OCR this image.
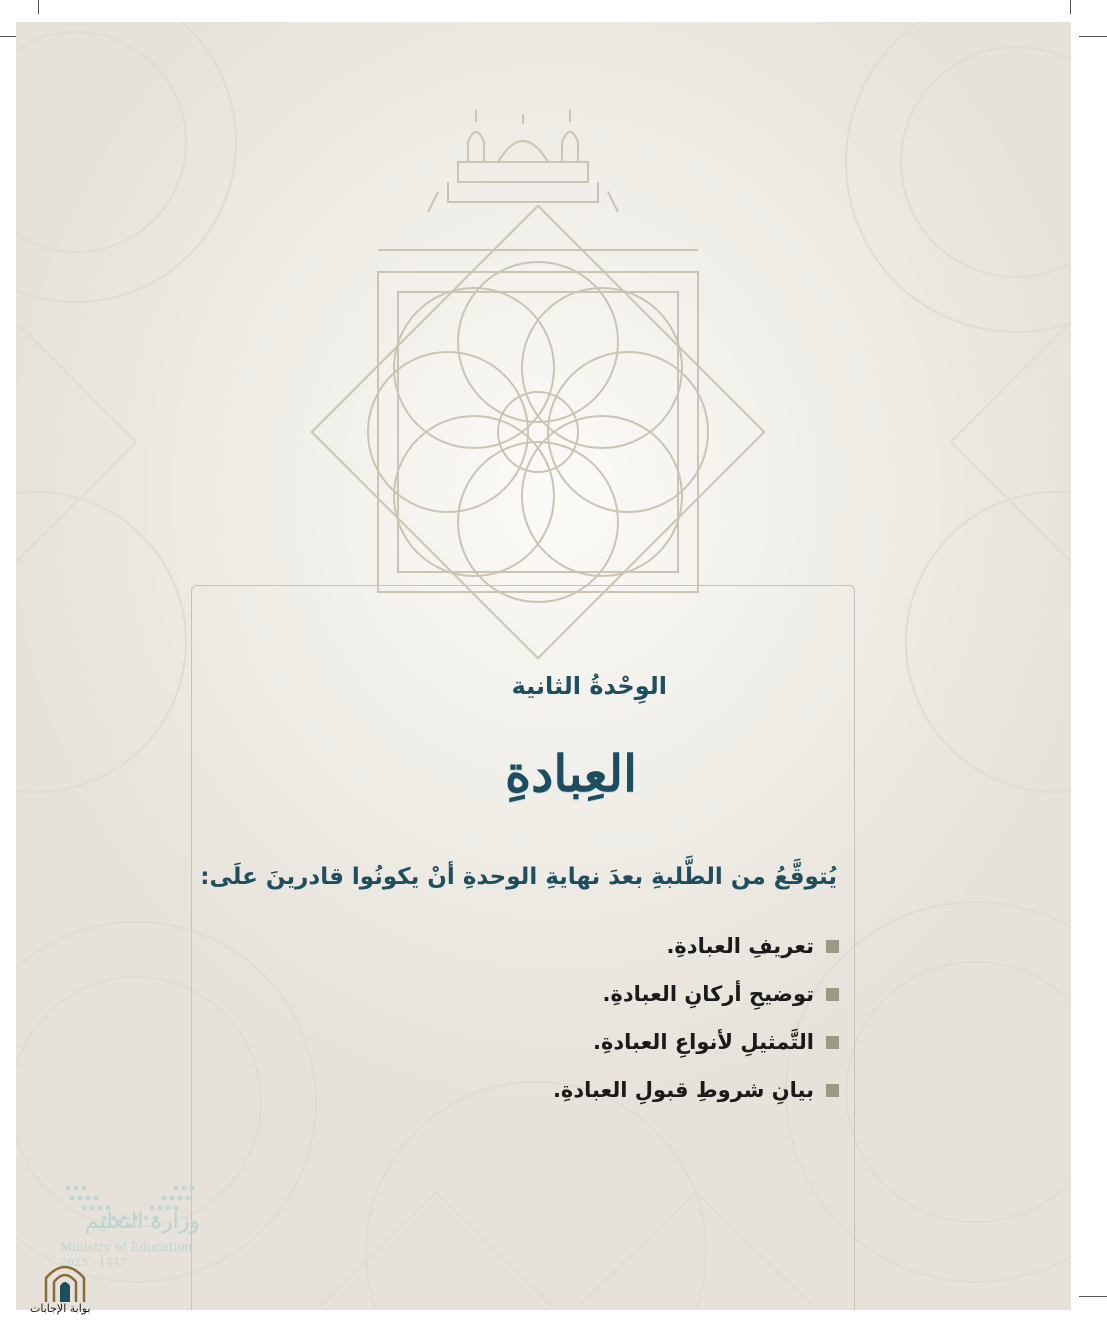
الوِحْدةُ الثانية
العِبادةِ
يُتوقَّعُ من الطَّلبةِ بعدَ نهايةِ الوحدةِ أنْ يكونُوا قادرينَ علَى:
تعريفِ العبادةِ.
توضيحِ أركانِ العبادةِ.
التَّمثيلِ لأنواعِ العبادةِ.
بيانِ شروطِ قبولِ العبادةِ.
وزارة التعليم
Ministry of Education
2025 - 1447
بوابة الإجابات
